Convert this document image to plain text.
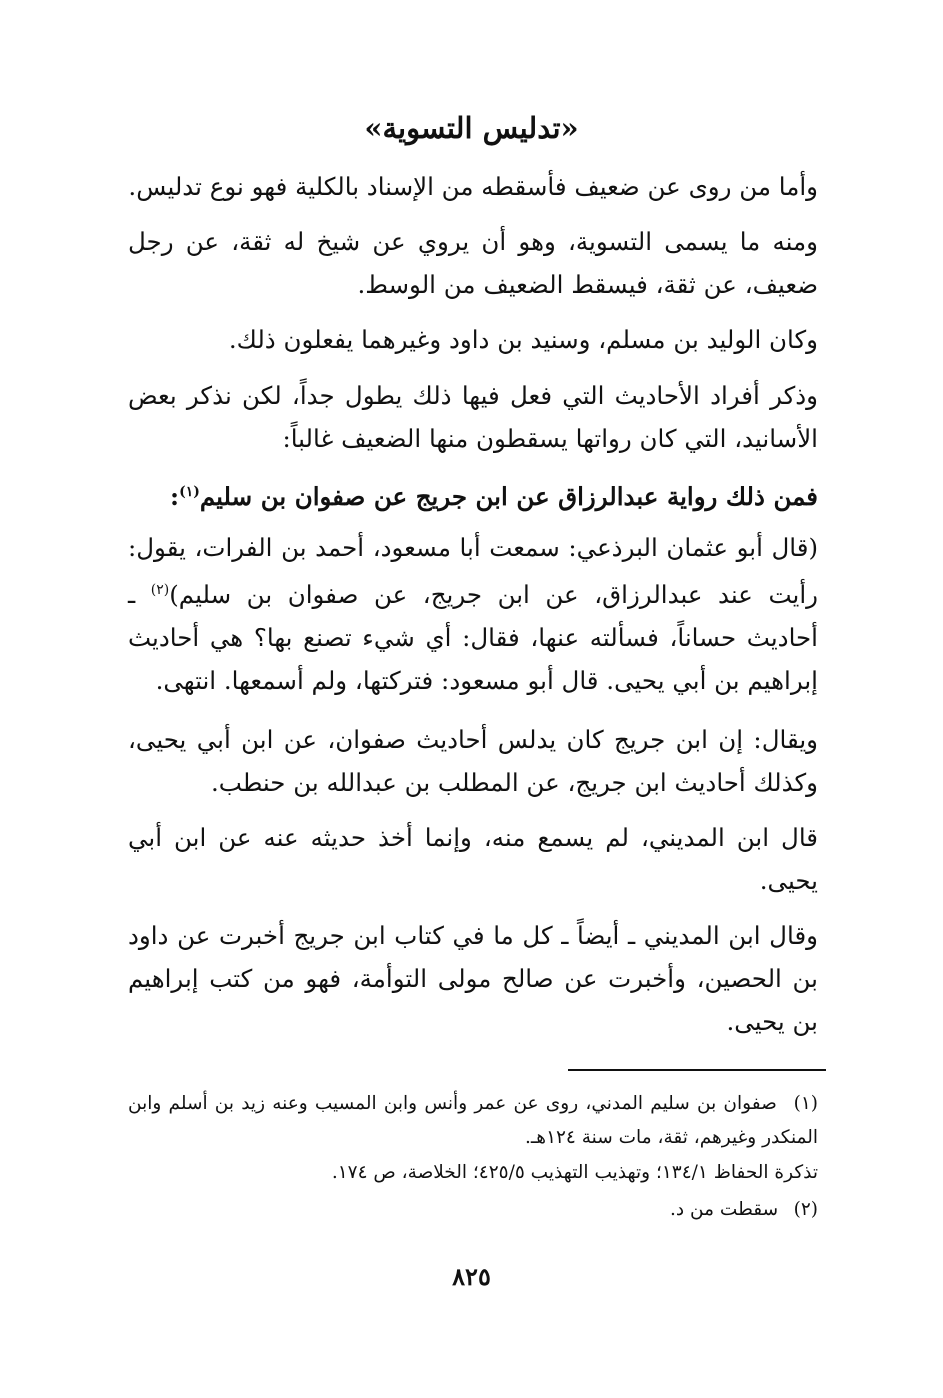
«تدليس التسوية»

وأما من روى عن ضعيف فأسقطه من الإسناد بالكلية فهو نوع تدليس.

ومنه ما يسمى التسوية، وهو أن يروي عن شيخ له ثقة، عن رجل ضعيف، عن ثقة، فيسقط الضعيف من الوسط.

وكان الوليد بن مسلم، وسنيد بن داود وغيرهما يفعلون ذلك.

وذكر أفراد الأحاديث التي فعل فيها ذلك يطول جداً، لكن نذكر بعض الأسانيد، التي كان رواتها يسقطون منها الضعيف غالباً:

فمن ذلك رواية عبدالرزاق عن ابن جريج عن صفوان بن سليم$^{(١)}$:

(قال أبو عثمان البرذعي: سمعت أبا مسعود، أحمد بن الفرات، يقول: رأيت عند عبدالرزاق، عن ابن جريج، عن صفوان بن سليم)$^{(٢)}$ ـ أحاديث حساناً، فسألته عنها، فقال: أي شيء تصنع بها؟ هي أحاديث إبراهيم بن أبي يحيى. قال أبو مسعود: فتركتها، ولم أسمعها. انتهى.

ويقال: إن ابن جريج كان يدلس أحاديث صفوان، عن ابن أبي يحيى، وكذلك أحاديث ابن جريج، عن المطلب بن عبدالله بن حنطب.

قال ابن المديني، لم يسمع منه، وإنما أخذ حديثه عنه عن ابن أبي يحيى.

وقال ابن المديني ـ أيضاً ـ كل ما في كتاب ابن جريج أخبرت عن داود بن الحصين، وأخبرت عن صالح مولى التوأمة، فهو من كتب إبراهيم بن يحيى.

(١) صفوان بن سليم المدني، روى عن عمر وأنس وابن المسيب وعنه زيد بن أسلم وابن المنكدر وغيرهم، ثقة، مات سنة ١٢٤هـ.

تذكرة الحفاظ ١٣٤/١؛ وتهذيب التهذيب ٤٢٥/٥؛ الخلاصة، ص ١٧٤.

(٢) سقطت من د.

٨٢٥
